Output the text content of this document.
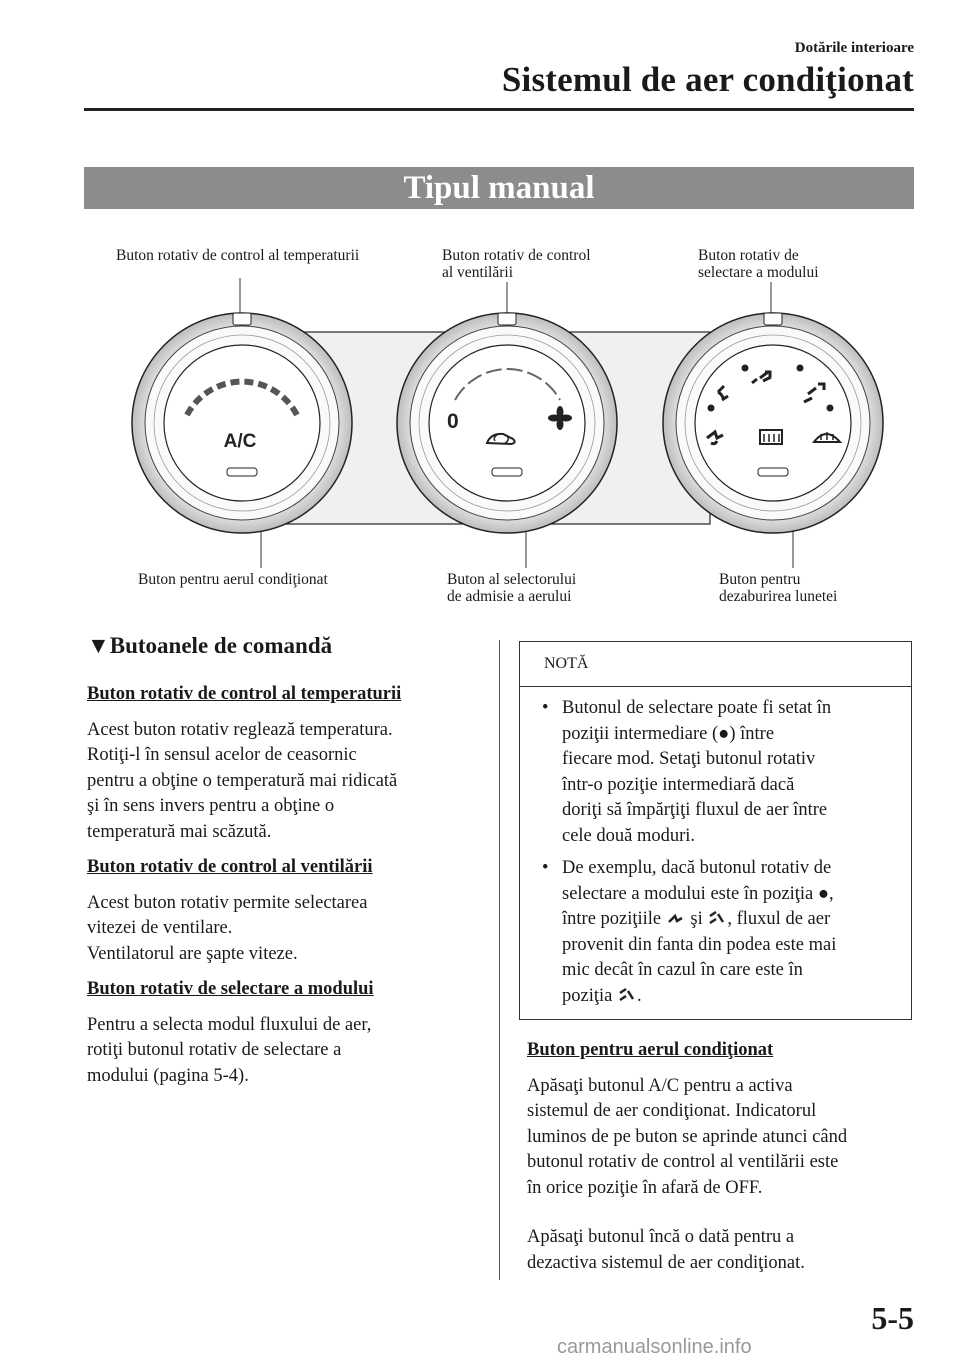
Dotările interioare
Sistemul de aer condiţionat
Tipul manual
Buton rotativ de control al temperaturii	Buton rotativ de control
al ventilării
Buton rotativ de
selectare a modului
Buton pentru aerul condiţionat	Buton al selectorului
de admisie a aerului
Buton pentru
dezaburirea lunetei
A/C
0
▼Butoanele de comandă
Buton rotativ de control al temperaturii
Acest buton rotativ reglează temperatura.
Rotiţi-l în sensul acelor de ceasornic
pentru a obţine o temperatură mai ridicată
şi în sens invers pentru a obţine o
temperatură mai scăzută.
Buton rotativ de control al ventilării
Acest buton rotativ permite selectarea
vitezei de ventilare.
Ventilatorul are şapte viteze.
Buton rotativ de selectare a modului
Pentru a selecta modul fluxului de aer,
rotiţi butonul rotativ de selectare a
modului (pagina 5-4).
NOTĂ
• Butonul de selectare poate fi setat în
poziţii intermediare (●) între
fiecare mod. Setaţi butonul rotativ
într-o poziţie intermediară dacă
doriţi să împărţiţi fluxul de aer între
cele două moduri.
• De exemplu, dacă butonul rotativ de
selectare a modului este în poziţia ●,
între poziţiile şi , fluxul de aer
provenit din fanta din podea este mai
mic decât în cazul în care este în
poziţia .
Buton pentru aerul condiţionat
Apăsaţi butonul A/C pentru a activa
sistemul de aer condiţionat. Indicatorul
luminos de pe buton se aprinde atunci când
butonul rotativ de control al ventilării este
în orice poziţie în afară de OFF.
Apăsaţi butonul încă o dată pentru a
dezactiva sistemul de aer condiţionat.
5-5
carmanualsonline.info
